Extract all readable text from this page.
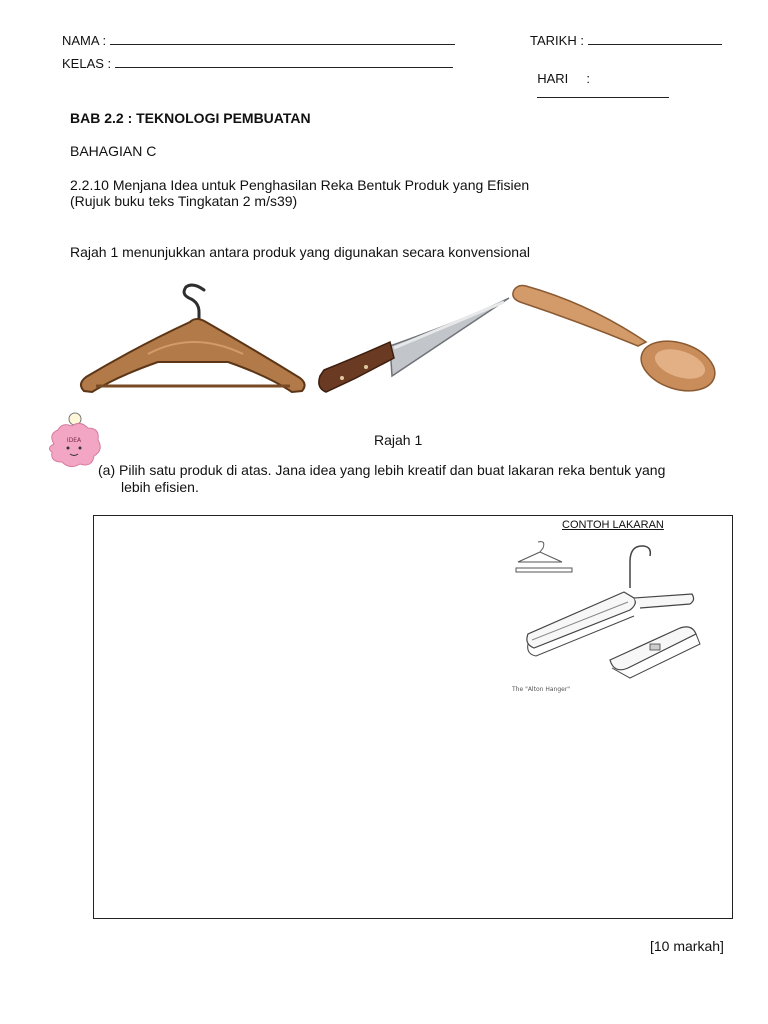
NAMA :
KELAS :
TARIKH :

HARI     :

BAB 2.2 : TEKNOLOGI PEMBUATAN
BAHAGIAN C
2.2.10 Menjana Idea untuk Penghasilan Reka Bentuk Produk yang Efisien
(Rujuk buku teks Tingkatan 2 m/s39)
Rajah 1 menunjukkan antara produk yang digunakan secara konvensional
IDEA	Rajah 1
(a) Pilih satu produk di atas. Jana idea yang lebih kreatif dan buat lakaran reka bentuk yang
lebih efisien.
CONTOH LAKARAN
The "Alton Hanger"
[10 markah]
